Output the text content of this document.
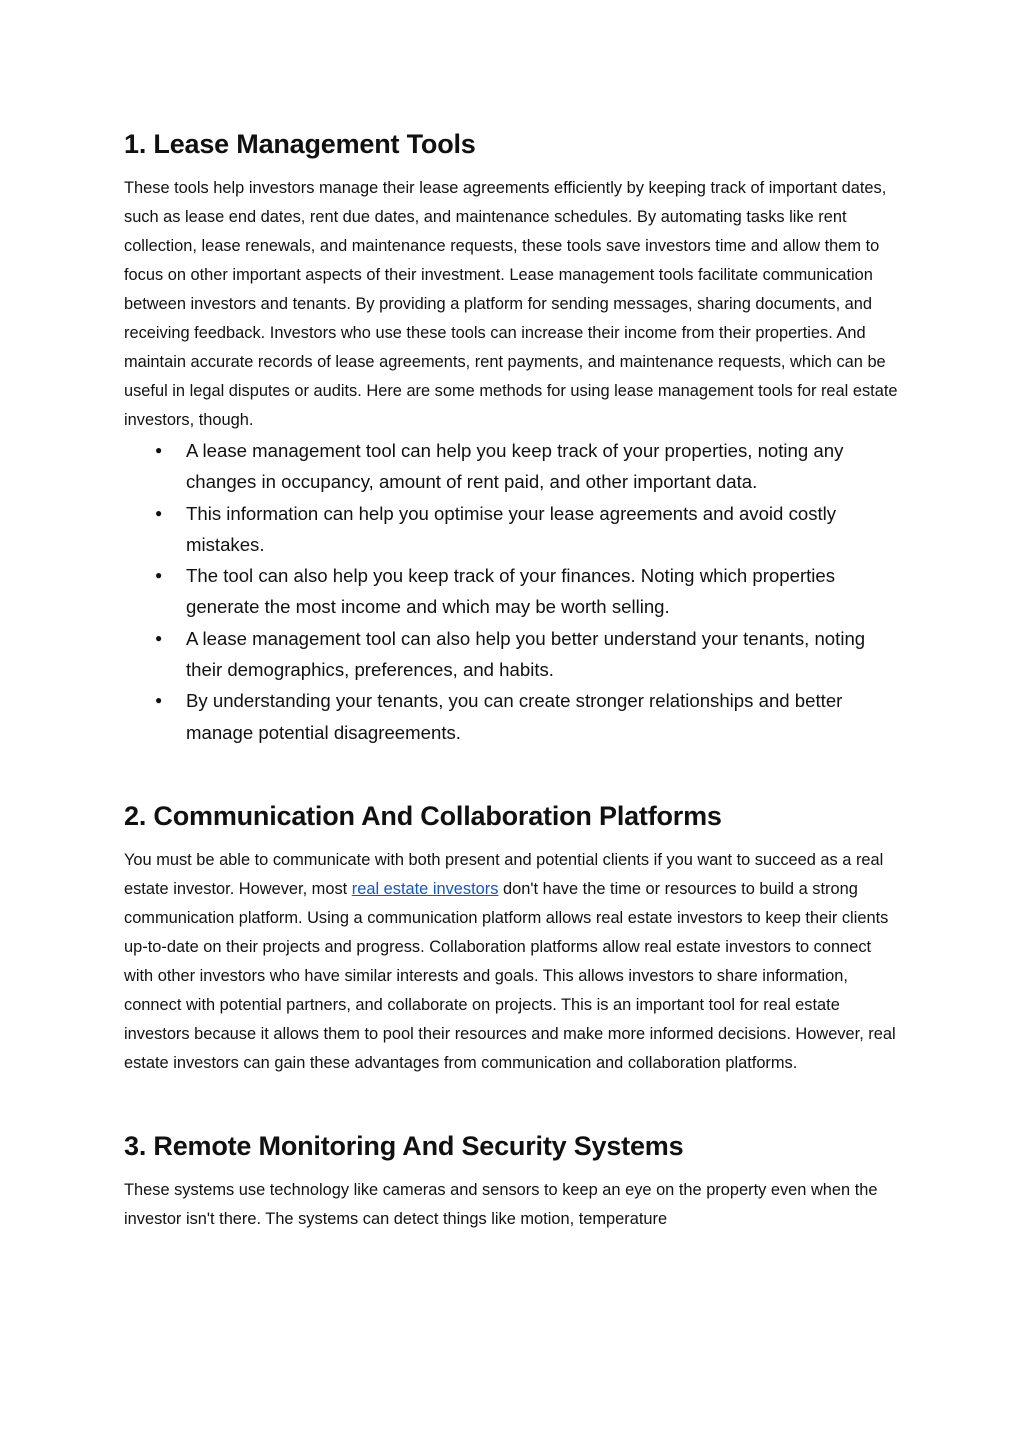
1. Lease Management Tools

These tools help investors manage their lease agreements efficiently by keeping track of important dates, such as lease end dates, rent due dates, and maintenance schedules. By automating tasks like rent collection, lease renewals, and maintenance requests, these tools save investors time and allow them to focus on other important aspects of their investment. Lease management tools facilitate communication between investors and tenants. By providing a platform for sending messages, sharing documents, and receiving feedback. Investors who use these tools can increase their income from their properties. And maintain accurate records of lease agreements, rent payments, and maintenance requests, which can be useful in legal disputes or audits. Here are some methods for using lease management tools for real estate investors, though.

● A lease management tool can help you keep track of your properties, noting any changes in occupancy, amount of rent paid, and other important data.
● This information can help you optimise your lease agreements and avoid costly mistakes.
● The tool can also help you keep track of your finances. Noting which properties generate the most income and which may be worth selling.
● A lease management tool can also help you better understand your tenants, noting their demographics, preferences, and habits.
● By understanding your tenants, you can create stronger relationships and better manage potential disagreements.
2. Communication And Collaboration Platforms

You must be able to communicate with both present and potential clients if you want to succeed as a real estate investor. However, most real estate investors don't have the time or resources to build a strong communication platform. Using a communication platform allows real estate investors to keep their clients up-to-date on their projects and progress. Collaboration platforms allow real estate investors to connect with other investors who have similar interests and goals. This allows investors to share information, connect with potential partners, and collaborate on projects. This is an important tool for real estate investors because it allows them to pool their resources and make more informed decisions. However, real estate investors can gain these advantages from communication and collaboration platforms.

3. Remote Monitoring And Security Systems

These systems use technology like cameras and sensors to keep an eye on the property even when the investor isn't there. The systems can detect things like motion, temperature
